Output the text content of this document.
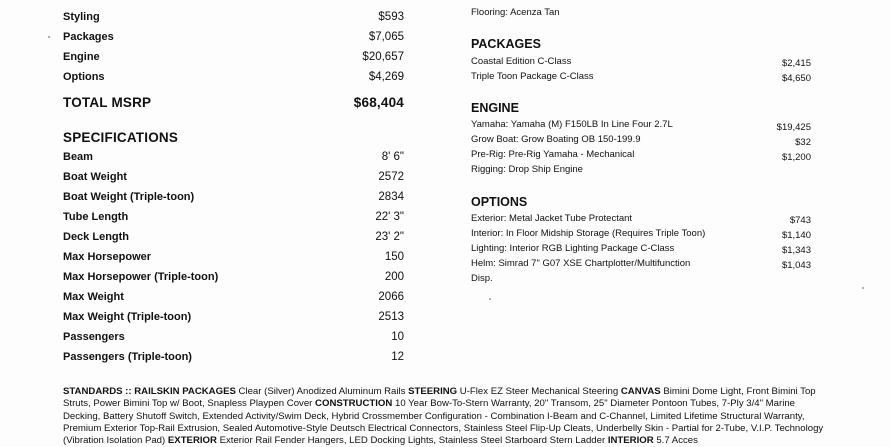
Styling	$593
Packages	$7,065
Engine	$20,657
Options	$4,269
TOTAL MSRP	$68,404
SPECIFICATIONS
Beam	8' 6"
Boat Weight	2572
Boat Weight (Triple-toon)	2834
Tube Length	22' 3"
Deck Length	23' 2"
Max Horsepower	150
Max Horsepower (Triple-toon)	200
Max Weight	2066
Max Weight (Triple-toon)	2513
Passengers	10
Passengers (Triple-toon)	12
Flooring: Acenza Tan
PACKAGES
Coastal Edition C-Class	$2,415
Triple Toon Package C-Class	$4,650
ENGINE
Yamaha: Yamaha (M) F150LB In Line Four 2.7L	$19,425
Grow Boat: Grow Boating OB 150-199.9	$32
Pre-Rig: Pre-Rig Yamaha - Mechanical	$1,200
Rigging: Drop Ship Engine
OPTIONS
Exterior: Metal Jacket Tube Protectant	$743
Interior: In Floor Midship Storage (Requires Triple Toon)	$1,140
Lighting: Interior RGB Lighting Package C-Class	$1,343
Helm: Simrad 7" G07 XSE Chartplotter/Multifunction	$1,043
Disp.
STANDARDS :: RAILSKIN PACKAGES Clear (Silver) Anodized Aluminum Rails STEERING U-Flex EZ Steer Mechanical Steering CANVAS Bimini Dome Light, Front Bimini Top Struts, Power Bimini Top w/ Boot, Snapless Playpen Cover CONSTRUCTION 10 Year Bow-To-Stern Warranty, 20" Transom, 25" Diameter Pontoon Tubes, 7-Ply 3/4" Marine Decking, Battery Shutoff Switch, Extended Activity/Swim Deck, Hybrid Crossmember Configuration - Combination I-Beam and C-Channel, Limited Lifetime Structural Warranty, Premium Exterior Top-Rail Extrusion, Sealed Automotive-Style Deutsch Electrical Connectors, Stainless Steel Flip-Up Cleats, Underbelly Skin - Partial for 2-Tube, V.I.P. Technology (Vibration Isolation Pad) EXTERIOR Exterior Rail Fender Hangers, LED Docking Lights, Stainless Steel Starboard Stern Ladder INTERIOR 5.7 Acces
